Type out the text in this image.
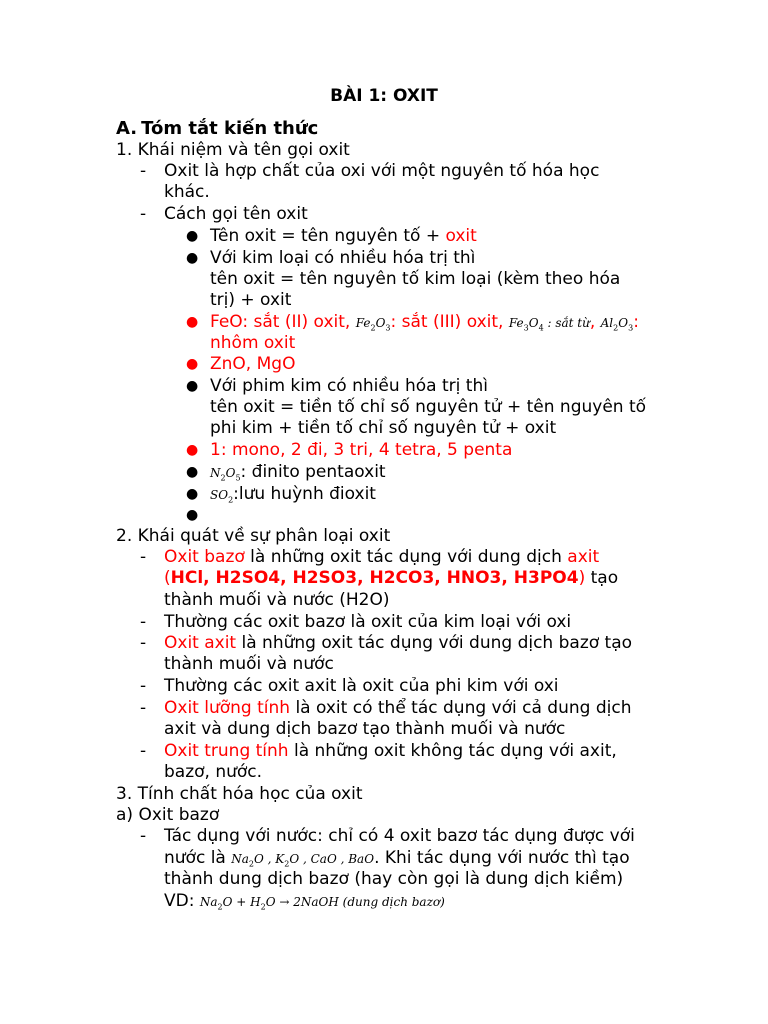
BÀI 1: OXIT
A. Tóm tắt kiến thức
1. Khái niệm và tên gọi oxit
- Oxit là hợp chất của oxi với một nguyên tố hóa học
khác.
- Cách gọi tên oxit
● Tên oxit = tên nguyên tố + oxit
● Với kim loại có nhiều hóa trị thì
tên oxit = tên nguyên tố kim loại (kèm theo hóa
trị) + oxit
● FeO: sắt (II) oxit, $Fe_2O_3$: sắt (III) oxit, $Fe_3O_4$ : sắt từ, $Al_2O_3$:
nhôm oxit
● ZnO, MgO
● Với phim kim có nhiều hóa trị thì
tên oxit = tiền tố chỉ số nguyên tử + tên nguyên tố
phi kim + tiền tố chỉ số nguyên tử + oxit
● 1: mono, 2 đi, 3 tri, 4 tetra, 5 penta
● $N_2O_5$: đinito pentaoxit
● $SO_2:lưu$ huỳnh đioxit
●
2. Khái quát về sự phân loại oxit
- Oxit bazơ là những oxit tác dụng với dung dịch axit
(HCl, H2SO4, H2SO3, H2CO3, HNO3, H3PO4) tạo
thành muối và nước (H2O)
- Thường các oxit bazơ là oxit của kim loại với oxi
- Oxit axit là những oxit tác dụng với dung dịch bazơ tạo
thành muối và nước
- Thường các oxit axit là oxit của phi kim với oxi
- Oxit lưỡng tính là oxit có thể tác dụng với cả dung dịch
axit và dung dịch bazơ tạo thành muối và nước
- Oxit trung tính là những oxit không tác dụng với axit,
bazơ, nước.
3. Tính chất hóa học của oxit
a) Oxit bazơ
- Tác dụng với nước: chỉ có 4 oxit bazơ tác dụng được với
nước là $Na_2O$ , $K_2O$ , CaO , BaO. Khi tác dụng với nước thì tạo
thành dung dịch bazơ (hay còn gọi là dung dịch kiềm)
VD: $Na_2O + H_2O$ → 2NaOH (dung dịch bazơ)
